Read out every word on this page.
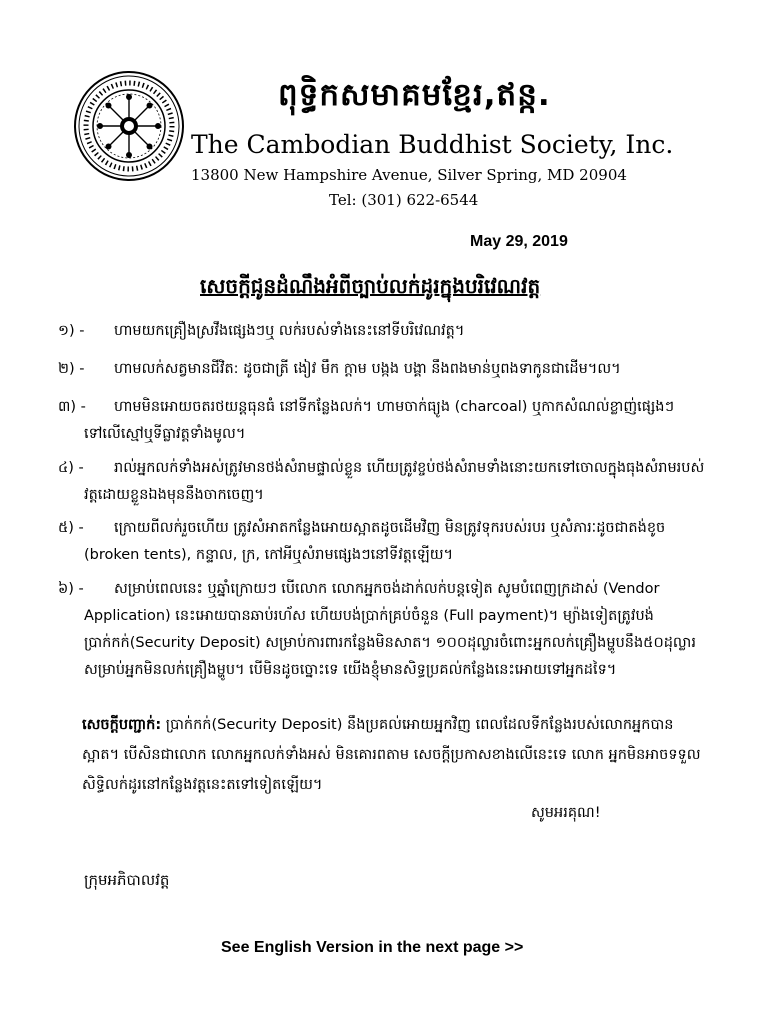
ពុទ្ធិកសមាគមខ្មែរ,ឥន្ក.
The Cambodian Buddhist Society, Inc.
13800 New Hampshire Avenue, Silver Spring, MD 20904
Tel: (301) 622-6544
May 29, 2019
សេចក្តីជូនដំណឹងអំពីច្បាប់លក់ដូរក្នុងបរិវេណវត្ត
១) -	ហាមយកគ្រឿងស្រវឹងផ្សេងៗឬ លក់របស់ទាំងនេះនៅទីបរិវេណវត្ត។
២) -	ហាមលក់សត្វមានជីវិត: ដូចជាត្រី ងៀវ មឹក ក្ដាម បង្កង បង្គា នឹងពងមាន់ឬពងទាកូនជាដើម។ល។
៣) -	ហាមមិនអោយចតរថយន្តធុនធំ នៅទីកន្លែងលក់។ ហាមចាក់ធ្យូង (charcoal) ឬកាកសំណល់ខ្លាញ់ផ្សេងៗទៅលើស្មៅឬទីធ្លាវត្តទាំងមូល។
៤) -	រាល់អ្នកលក់ទាំងអស់ត្រូវមានថង់សំរាមផ្ទាល់ខ្លួន ហើយត្រូវខ្ចប់ថង់សំរាមទាំងនោះយកទៅចោលក្នុងធុងសំរាមរបស់វត្តដោយខ្លួនឯងមុននឹងចាកចេញ។
៥) -	ក្រោយពីលក់រួចហើយ ត្រូវសំអាតកន្លែងអោយស្អាតដូចដើមវិញ មិនត្រូវទុករបស់របរ ឬសំភារៈដូចជាតង់ខូច (broken tents), កន្ទាល, ក្រ, កៅអីឬសំរាមផ្សេងៗនៅទីវត្តឡើយ។
៦) -	សម្រាប់ពេលនេះ ឬឆ្នាំក្រោយៗ បើលោក លោកអ្នកចង់ដាក់លក់បន្តទៀត សូមបំពេញក្រដាស់ (Vendor Application) នេះអោយបានឆាប់រហ័ស ហើយបង់ប្រាក់គ្រប់ចំនួន (Full payment)។ ម្យ៉ាងទៀតត្រូវបង់ប្រាក់កក់(Security Deposit) សម្រាប់ការពារកន្លែងមិនសាត។ ១០០ដុល្លារចំពោះអ្នកលក់គ្រឿងម្ហូបនឹង៥០ដុល្លារសម្រាប់អ្នកមិនលក់គ្រឿងម្ហូប។ បើមិនដូចច្នោះទេ យើងខ្ញុំមានសិទ្ធប្រគល់កន្លែងនេះអោយទៅអ្នកដទៃ។
សេចក្ដីបញ្ជាក់: ប្រាក់កក់(Security Deposit) នឹងប្រគល់អោយអ្នកវិញ ពេលដែលទីកន្លែងរបស់លោកអ្នកបានស្អាត។ បើសិនជាលោក លោកអ្នកលក់ទាំងអស់ មិនគោរពតាម សេចក្ដីប្រកាសខាងលើនេះទេ លោក អ្នកមិនអាចទទួលសិទ្ធិលក់ដូរនៅកន្លែងវត្តនេះតទៅទៀតឡើយ។
សូមអរគុណ!
ក្រុមអភិបាលវត្ត
See English Version in the next page >>
